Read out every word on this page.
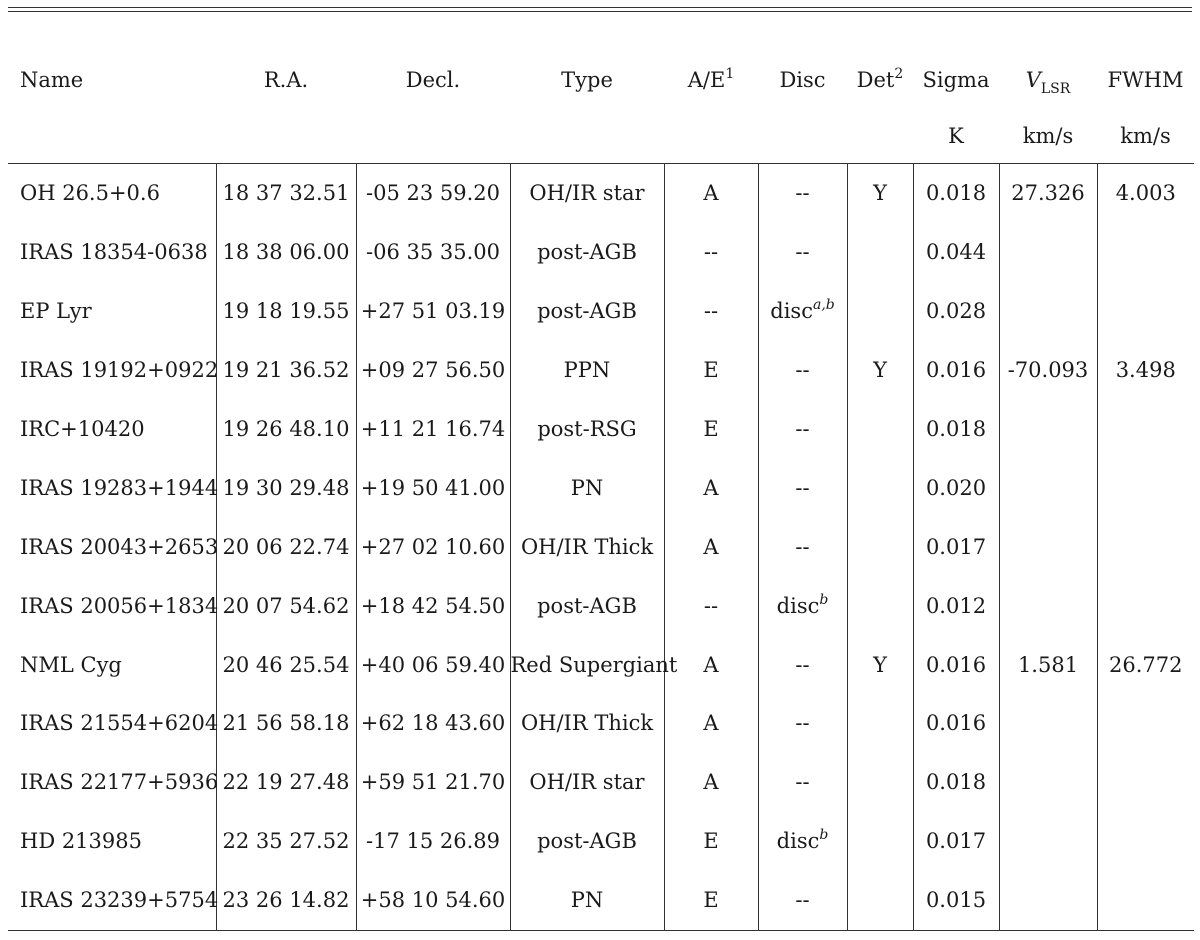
Name	R.A.	Decl.	Type	$A/E^1$	Disc	Det$^2$	Sigma	$V_{LSR}$	FWHM
							K	km/s	km/s
OH 26.5+0.6	18 37 32.51	-05 23 59.20	OH/IR star	A	--	Y	0.018	27.326	4.003
IRAS 18354-0638	18 38 06.00	-06 35 35.00	post-AGB	--	--		0.044		
EP Lyr	19 18 19.55	+27 51 03.19	post-AGB	--	disc$^{a,b}$		0.028		
IRAS 19192+0922	19 21 36.52	+09 27 56.50	PPN	E	--	Y	0.016	-70.093	3.498
IRC+10420	19 26 48.10	+11 21 16.74	post-RSG	E	--		0.018		
IRAS 19283+1944	19 30 29.48	+19 50 41.00	PN	A	--		0.020		
IRAS 20043+2653	20 06 22.74	+27 02 10.60	OH/IR Thick	A	--		0.017		
IRAS 20056+1834	20 07 54.62	+18 42 54.50	post-AGB	--	disc$^b$		0.012		
NML Cyg	20 46 25.54	+40 06 59.40	Red Supergiant	A	--	Y	0.016	1.581	26.772
IRAS 21554+6204	21 56 58.18	+62 18 43.60	OH/IR Thick	A	--		0.016		
IRAS 22177+5936	22 19 27.48	+59 51 21.70	OH/IR star	A	--		0.018		
HD 213985	22 35 27.52	-17 15 26.89	post-AGB	E	disc$^b$		0.017		
IRAS 23239+5754	23 26 14.82	+58 10 54.60	PN	E	--		0.015		
